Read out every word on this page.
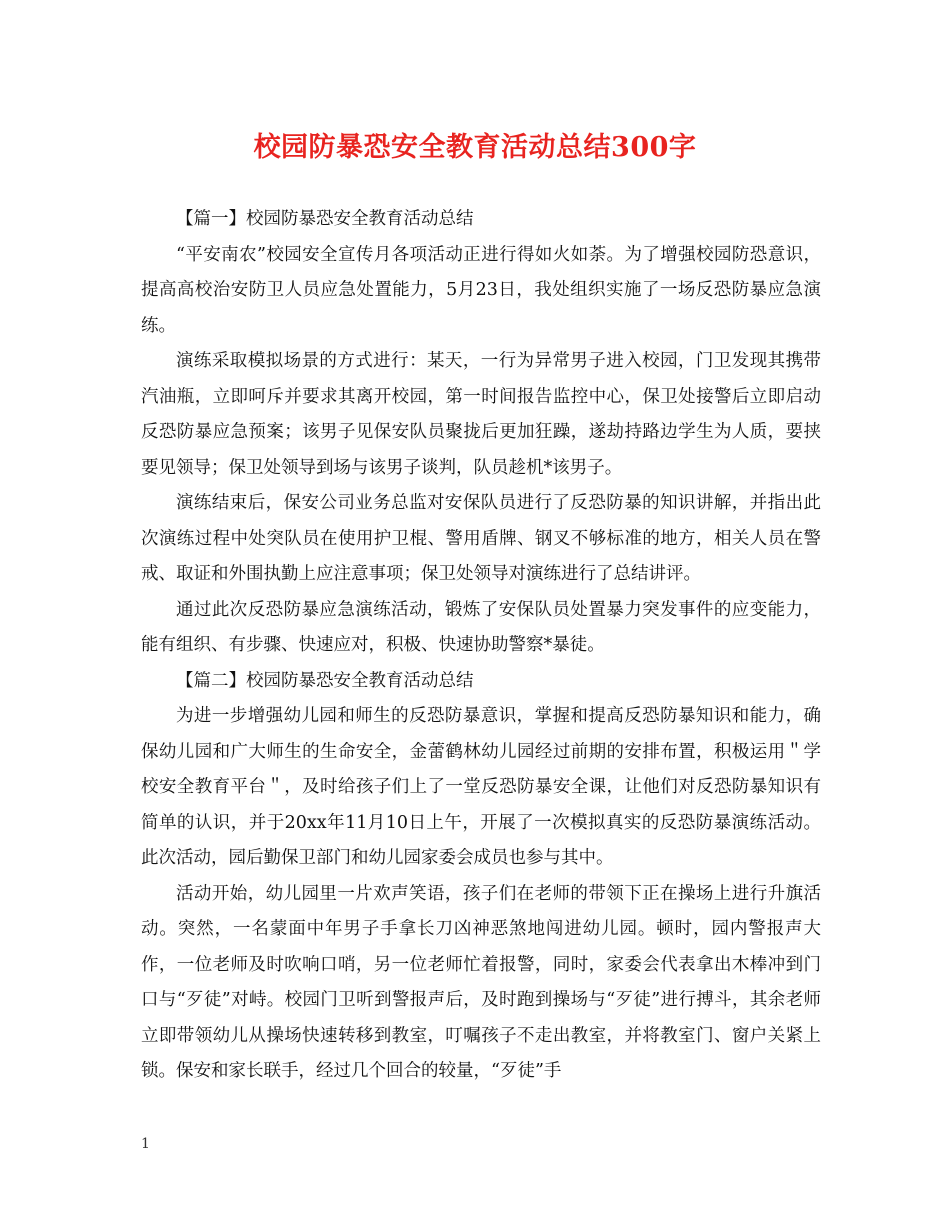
校园防暴恐安全教育活动总结300字

【篇一】校园防暴恐安全教育活动总结

“平安南农”校园安全宣传月各项活动正进行得如火如荼。为了增强校园防恐意识，提高高校治安防卫人员应急处置能力，5月23日，我处组织实施了一场反恐防暴应急演练。

演练采取模拟场景的方式进行：某天，一行为异常男子进入校园，门卫发现其携带汽油瓶，立即呵斥并要求其离开校园，第一时间报告监控中心，保卫处接警后立即启动反恐防暴应急预案；该男子见保安队员聚拢后更加狂躁，遂劫持路边学生为人质，要挟要见领导；保卫处领导到场与该男子谈判，队员趁机*该男子。

演练结束后，保安公司业务总监对安保队员进行了反恐防暴的知识讲解，并指出此次演练过程中处突队员在使用护卫棍、警用盾牌、钢叉不够标准的地方，相关人员在警戒、取证和外围执勤上应注意事项；保卫处领导对演练进行了总结讲评。

通过此次反恐防暴应急演练活动，锻炼了安保队员处置暴力突发事件的应变能力，能有组织、有步骤、快速应对，积极、快速协助警察*暴徒。

【篇二】校园防暴恐安全教育活动总结

为进一步增强幼儿园和师生的反恐防暴意识，掌握和提高反恐防暴知识和能力，确保幼儿园和广大师生的生命安全，金蕾鹤林幼儿园经过前期的安排布置，积极运用＂学校安全教育平台＂，及时给孩子们上了一堂反恐防暴安全课，让他们对反恐防暴知识有简单的认识，并于20xx年11月10日上午，开展了一次模拟真实的反恐防暴演练活动。此次活动，园后勤保卫部门和幼儿园家委会成员也参与其中。

活动开始，幼儿园里一片欢声笑语，孩子们在老师的带领下正在操场上进行升旗活动。突然，一名蒙面中年男子手拿长刀凶神恶煞地闯进幼儿园。顿时，园内警报声大作，一位老师及时吹响口哨，另一位老师忙着报警，同时，家委会代表拿出木棒冲到门口与“歹徒”对峙。校园门卫听到警报声后，及时跑到操场与“歹徒”进行搏斗，其余老师立即带领幼儿从操场快速转移到教室，叮嘱孩子不走出教室，并将教室门、窗户关紧上锁。保安和家长联手，经过几个回合的较量，“歹徒”手

1
